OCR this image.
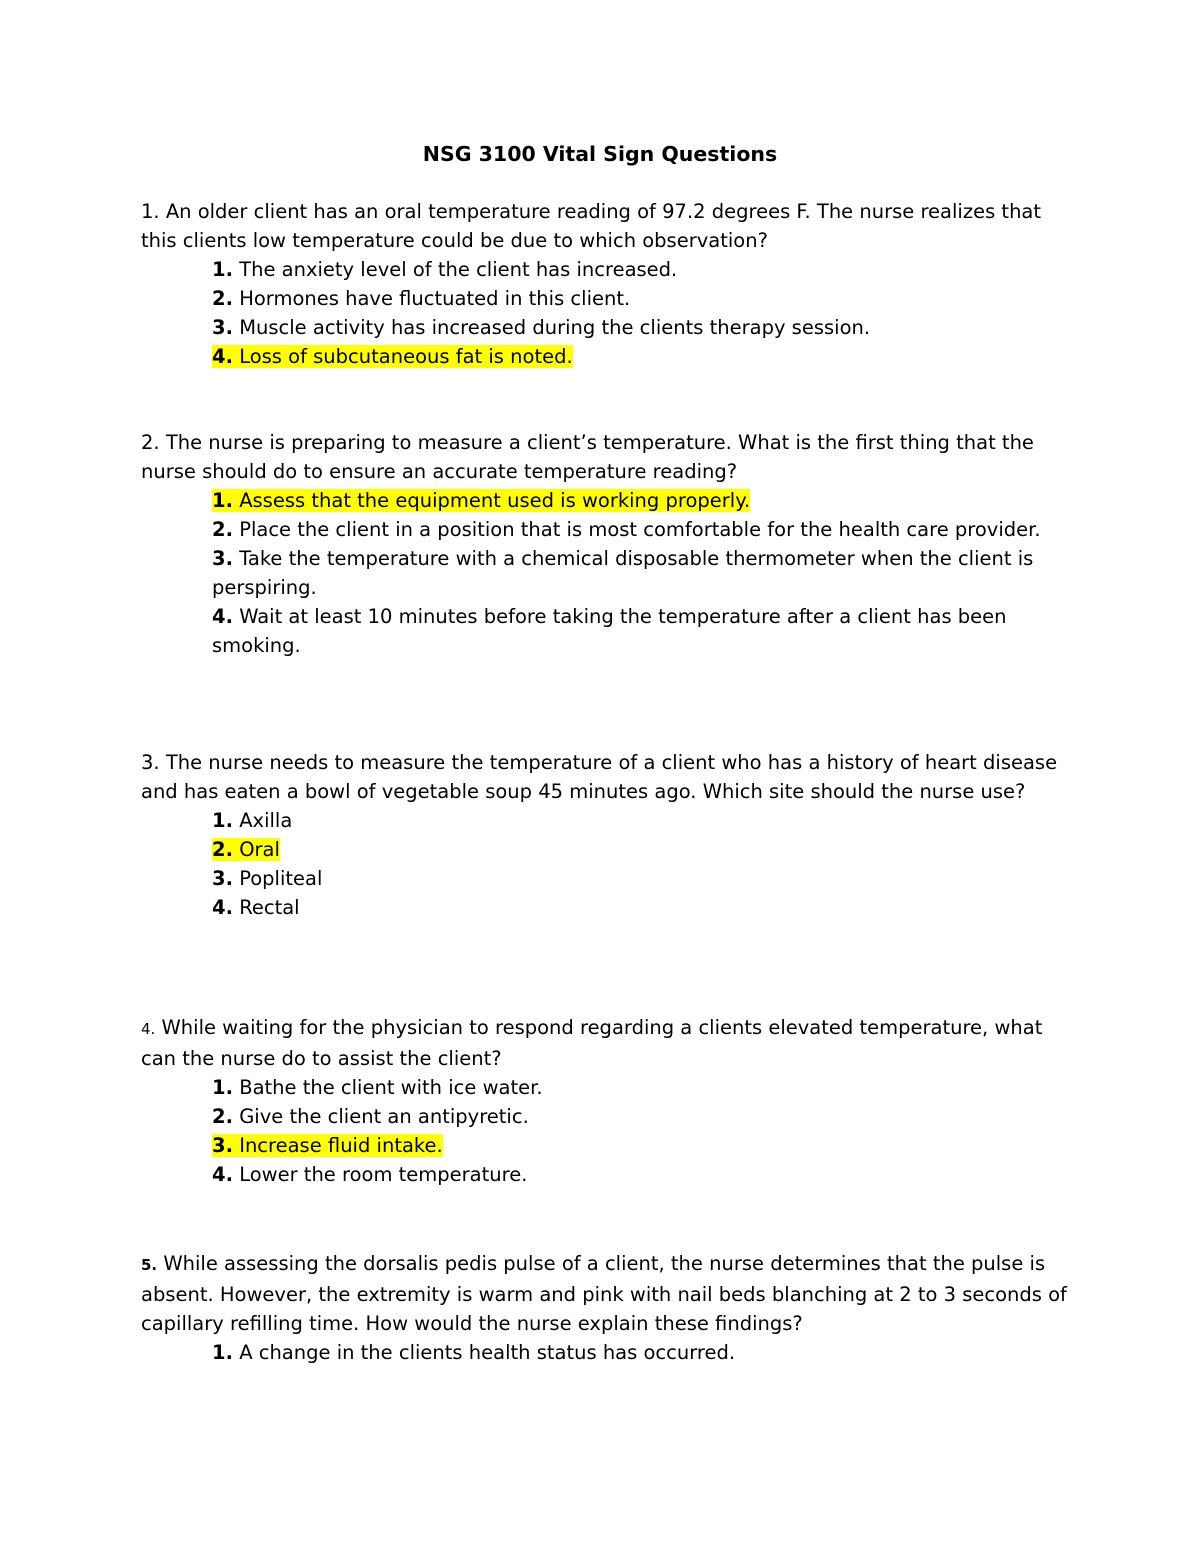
NSG 3100 Vital Sign Questions

1. An older client has an oral temperature reading of 97.2 degrees F. The nurse realizes that this clients low temperature could be due to which observation?

1. The anxiety level of the client has increased.
2. Hormones have fluctuated in this client.
3. Muscle activity has increased during the clients therapy session.
4. Loss of subcutaneous fat is noted.

2. The nurse is preparing to measure a client’s temperature. What is the first thing that the nurse should do to ensure an accurate temperature reading?

1. Assess that the equipment used is working properly.
2. Place the client in a position that is most comfortable for the health care provider.
3. Take the temperature with a chemical disposable thermometer when the client is perspiring.
4. Wait at least 10 minutes before taking the temperature after a client has been smoking.

3. The nurse needs to measure the temperature of a client who has a history of heart disease and has eaten a bowl of vegetable soup 45 minutes ago. Which site should the nurse use?

1. Axilla
2. Oral
3. Popliteal
4. Rectal

4. While waiting for the physician to respond regarding a clients elevated temperature, what can the nurse do to assist the client?

1. Bathe the client with ice water.
2. Give the client an antipyretic.
3. Increase fluid intake.
4. Lower the room temperature.

5. While assessing the dorsalis pedis pulse of a client, the nurse determines that the pulse is absent. However, the extremity is warm and pink with nail beds blanching at 2 to 3 seconds of capillary refilling time. How would the nurse explain these findings?

1. A change in the clients health status has occurred.
